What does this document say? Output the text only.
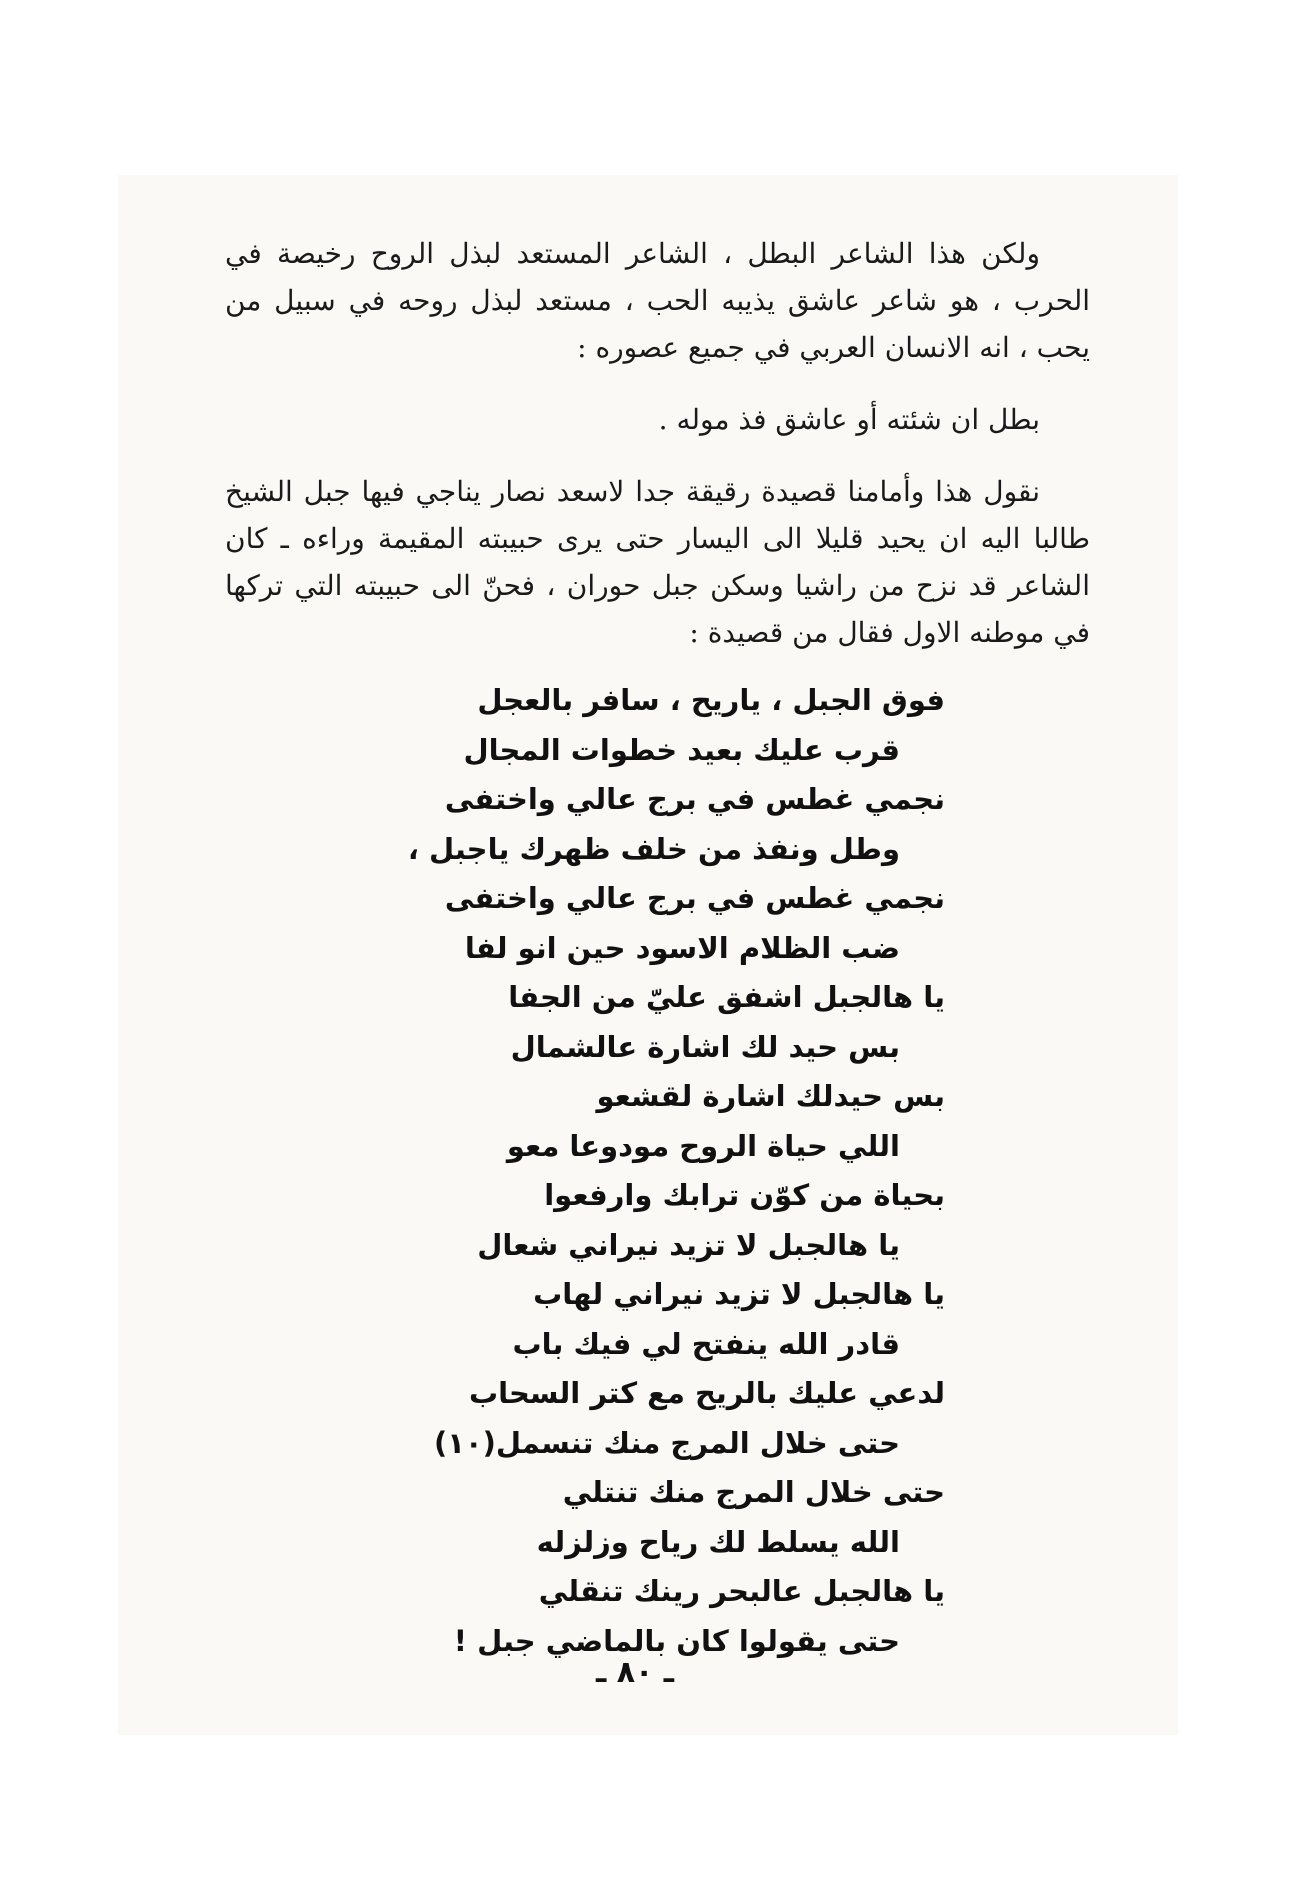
ولكن هذا الشاعر البطل ، الشاعر المستعد لبذل الروح رخيصة في الحرب ، هو شاعر عاشق يذيبه الحب ، مستعد لبذل روحه في سبيل من يحب ، انه الانسان العربي في جميع عصوره :

بطل ان شئته أو عاشق فذ موله .

نقول هذا وأمامنا قصيدة رقيقة جدا لاسعد نصار يناجي فيها جبل الشيخ طالبا اليه ان يحيد قليلا الى اليسار حتى يرى حبيبته المقيمة وراءه ـ كان الشاعر قد نزح من راشيا وسكن جبل حوران ، فحنّ الى حبيبته التي تركها في موطنه الاول فقال من قصيدة :

فوق الجبل ، ياريح ، سافر بالعجل
قرب عليك بعيد خطوات المجال
نجمي غطس في برج عالي واختفى
وطل ونفذ من خلف ظهرك ياجبل ،
نجمي غطس في برج عالي واختفى
ضب الظلام الاسود حين انو لفا
يا هالجبل اشفق عليّ من الجفا
بس حيد لك اشارة عالشمال
بس حيدلك اشارة لقشعو
اللي حياة الروح مودوعا معو
بحياة من كوّن ترابك وارفعوا
يا هالجبل لا تزيد نيراني شعال
يا هالجبل لا تزيد نيراني لهاب
قادر الله ينفتح لي فيك باب
لدعي عليك بالريح مع كتر السحاب
حتى خلال المرج منك تنسمل(١٠)
حتى خلال المرج منك تنتلي
الله يسلط لك رياح وزلزله
يا هالجبل عالبحر رينك تنقلي
حتى يقولوا كان بالماضي جبل !
ـ ٨٠ ـ
